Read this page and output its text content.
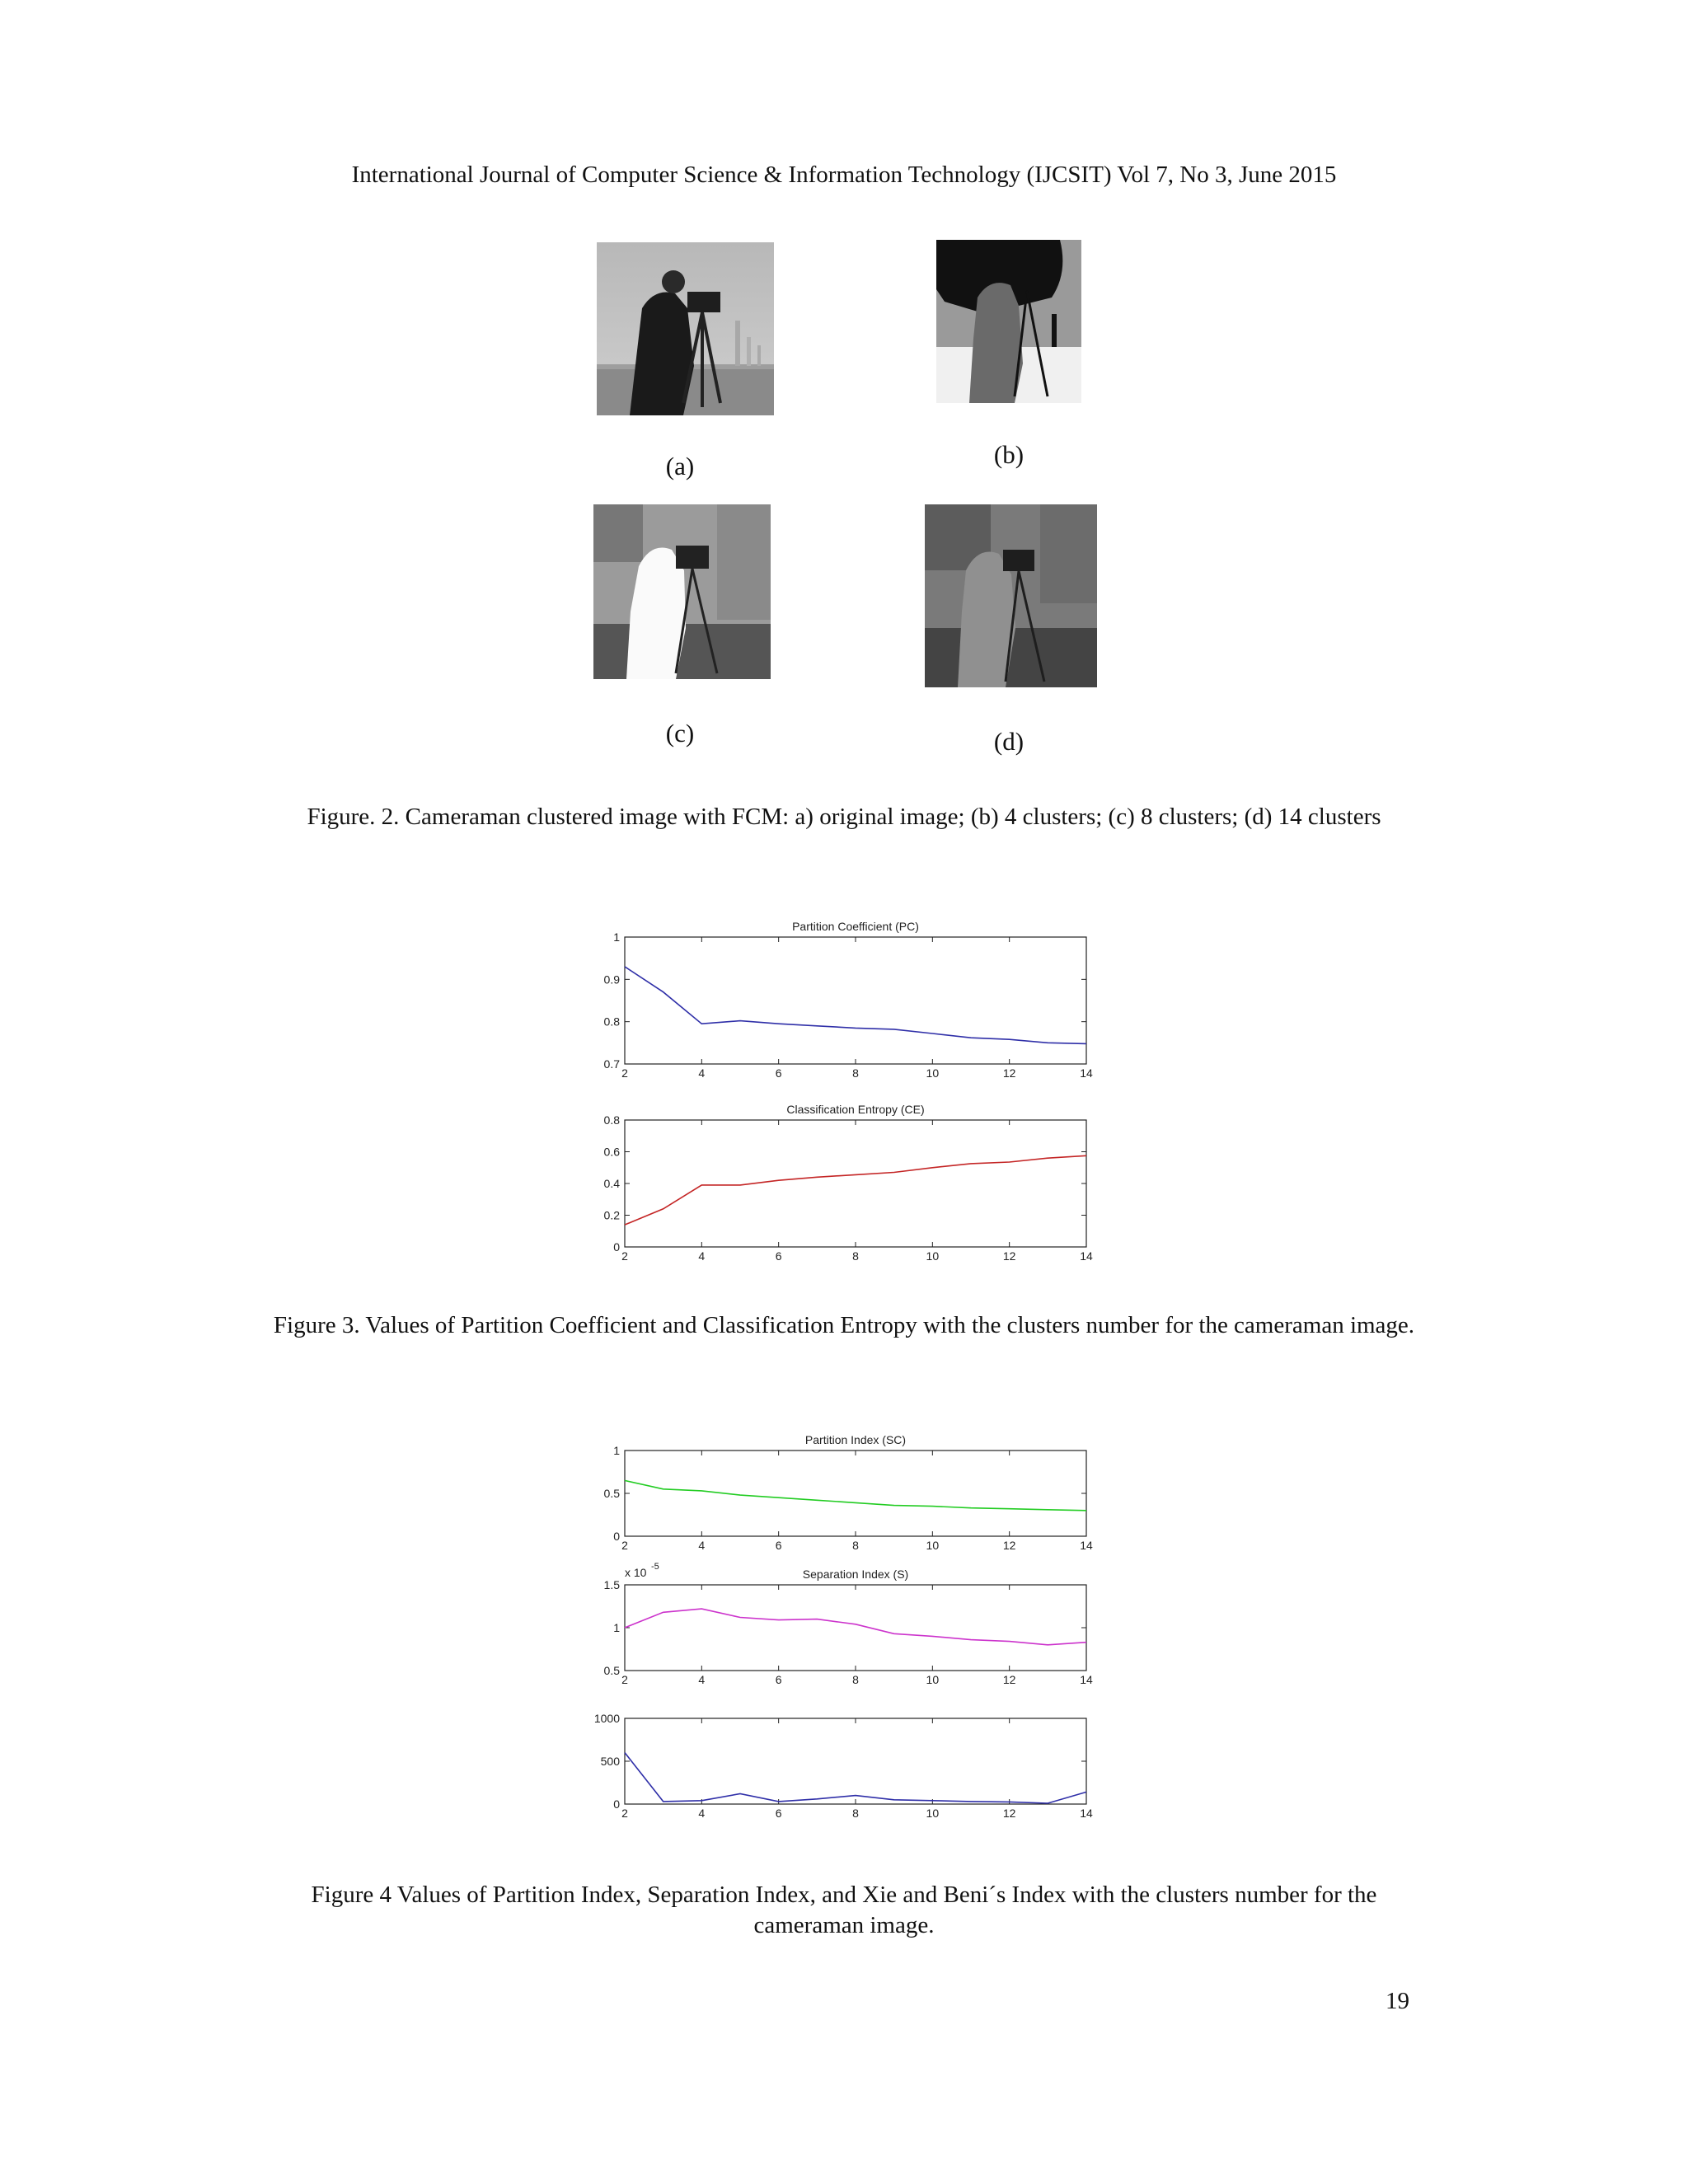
International Journal of Computer Science & Information Technology (IJCSIT) Vol 7, No 3, June 2015
(a)	(b)
(c)	(d)
Figure. 2. Cameraman clustered image with FCM: a) original image; (b) 4 clusters; (c) 8 clusters; (d) 14 clusters
Partition Coefficient (PC)
2	4	6	8	10	12	14
0.7
0.8
0.9
1
Classification Entropy (CE)
2	4	6	8	10	12	14
0
0.2
0.4
0.6
0.8
Figure 3. Values of Partition Coefficient and Classification Entropy with the clusters number for the cameraman image.
Partition Index (SC)
2	4	6	8	10	12	14
0
0.5
1
Separation Index (S)
2	4	6	8	10	12	14
0.5
1
1.5
x 10 -5
2	4	6	8	10	12	14
0
500
1000
Figure 4 Values of Partition Index, Separation Index, and Xie and Beni´s Index with the clusters number for the cameraman image.
19
